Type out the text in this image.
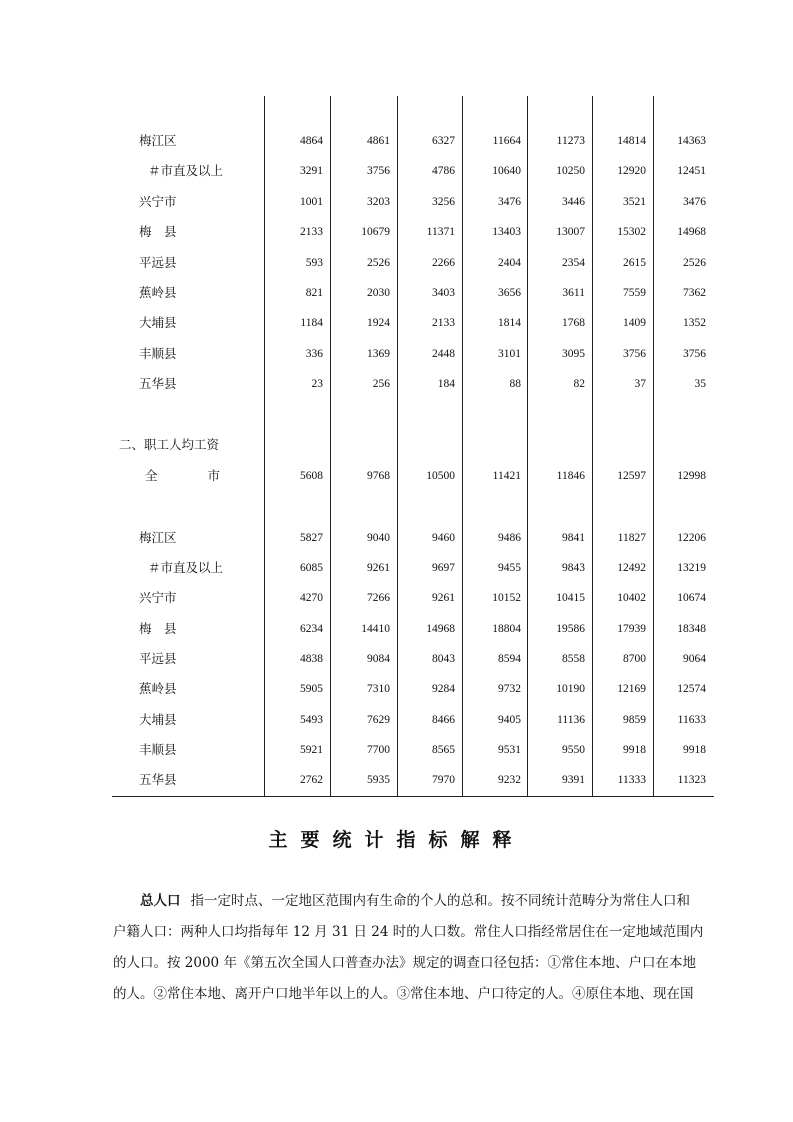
梅江区	4864	4861	6327	11664	11273	14814	14363
＃市直及以上	3291	3756	4786	10640	10250	12920	12451
兴宁市	1001	3203	3256	3476	3446	3521	3476
梅　县	2133	10679	11371	13403	13007	15302	14968
平远县	593	2526	2266	2404	2354	2615	2526
蕉岭县	821	2030	3403	3656	3611	7559	7362
大埔县	1184	1924	2133	1814	1768	1409	1352
丰顺县	336	1369	2448	3101	3095	3756	3756
五华县	23	256	184	88	82	37	35
二、职工人均工资
全　　　　市	5608	9768	10500	11421	11846	12597	12998
梅江区	5827	9040	9460	9486	9841	11827	12206
＃市直及以上	6085	9261	9697	9455	9843	12492	13219
兴宁市	4270	7266	9261	10152	10415	10402	10674
梅　县	6234	14410	14968	18804	19586	17939	18348
平远县	4838	9084	8043	8594	8558	8700	9064
蕉岭县	5905	7310	9284	9732	10190	12169	12574
大埔县	5493	7629	8466	9405	11136	9859	11633
丰顺县	5921	7700	8565	9531	9550	9918	9918
五华县	2762	5935	7970	9232	9391	11333	11323
主要统计指标解释
总人口 指一定时点、一定地区范围内有生命的个人的总和。按不同统计范畴分为常住人口和
户籍人口：两种人口均指每年 12 月 31 日 24 时的人口数。常住人口指经常居住在一定地域范围内
的人口。按 2000 年《第五次全国人口普查办法》规定的调查口径包括：①常住本地、户口在本地
的人。②常住本地、离开户口地半年以上的人。③常住本地、户口待定的人。④原住本地、现在国
